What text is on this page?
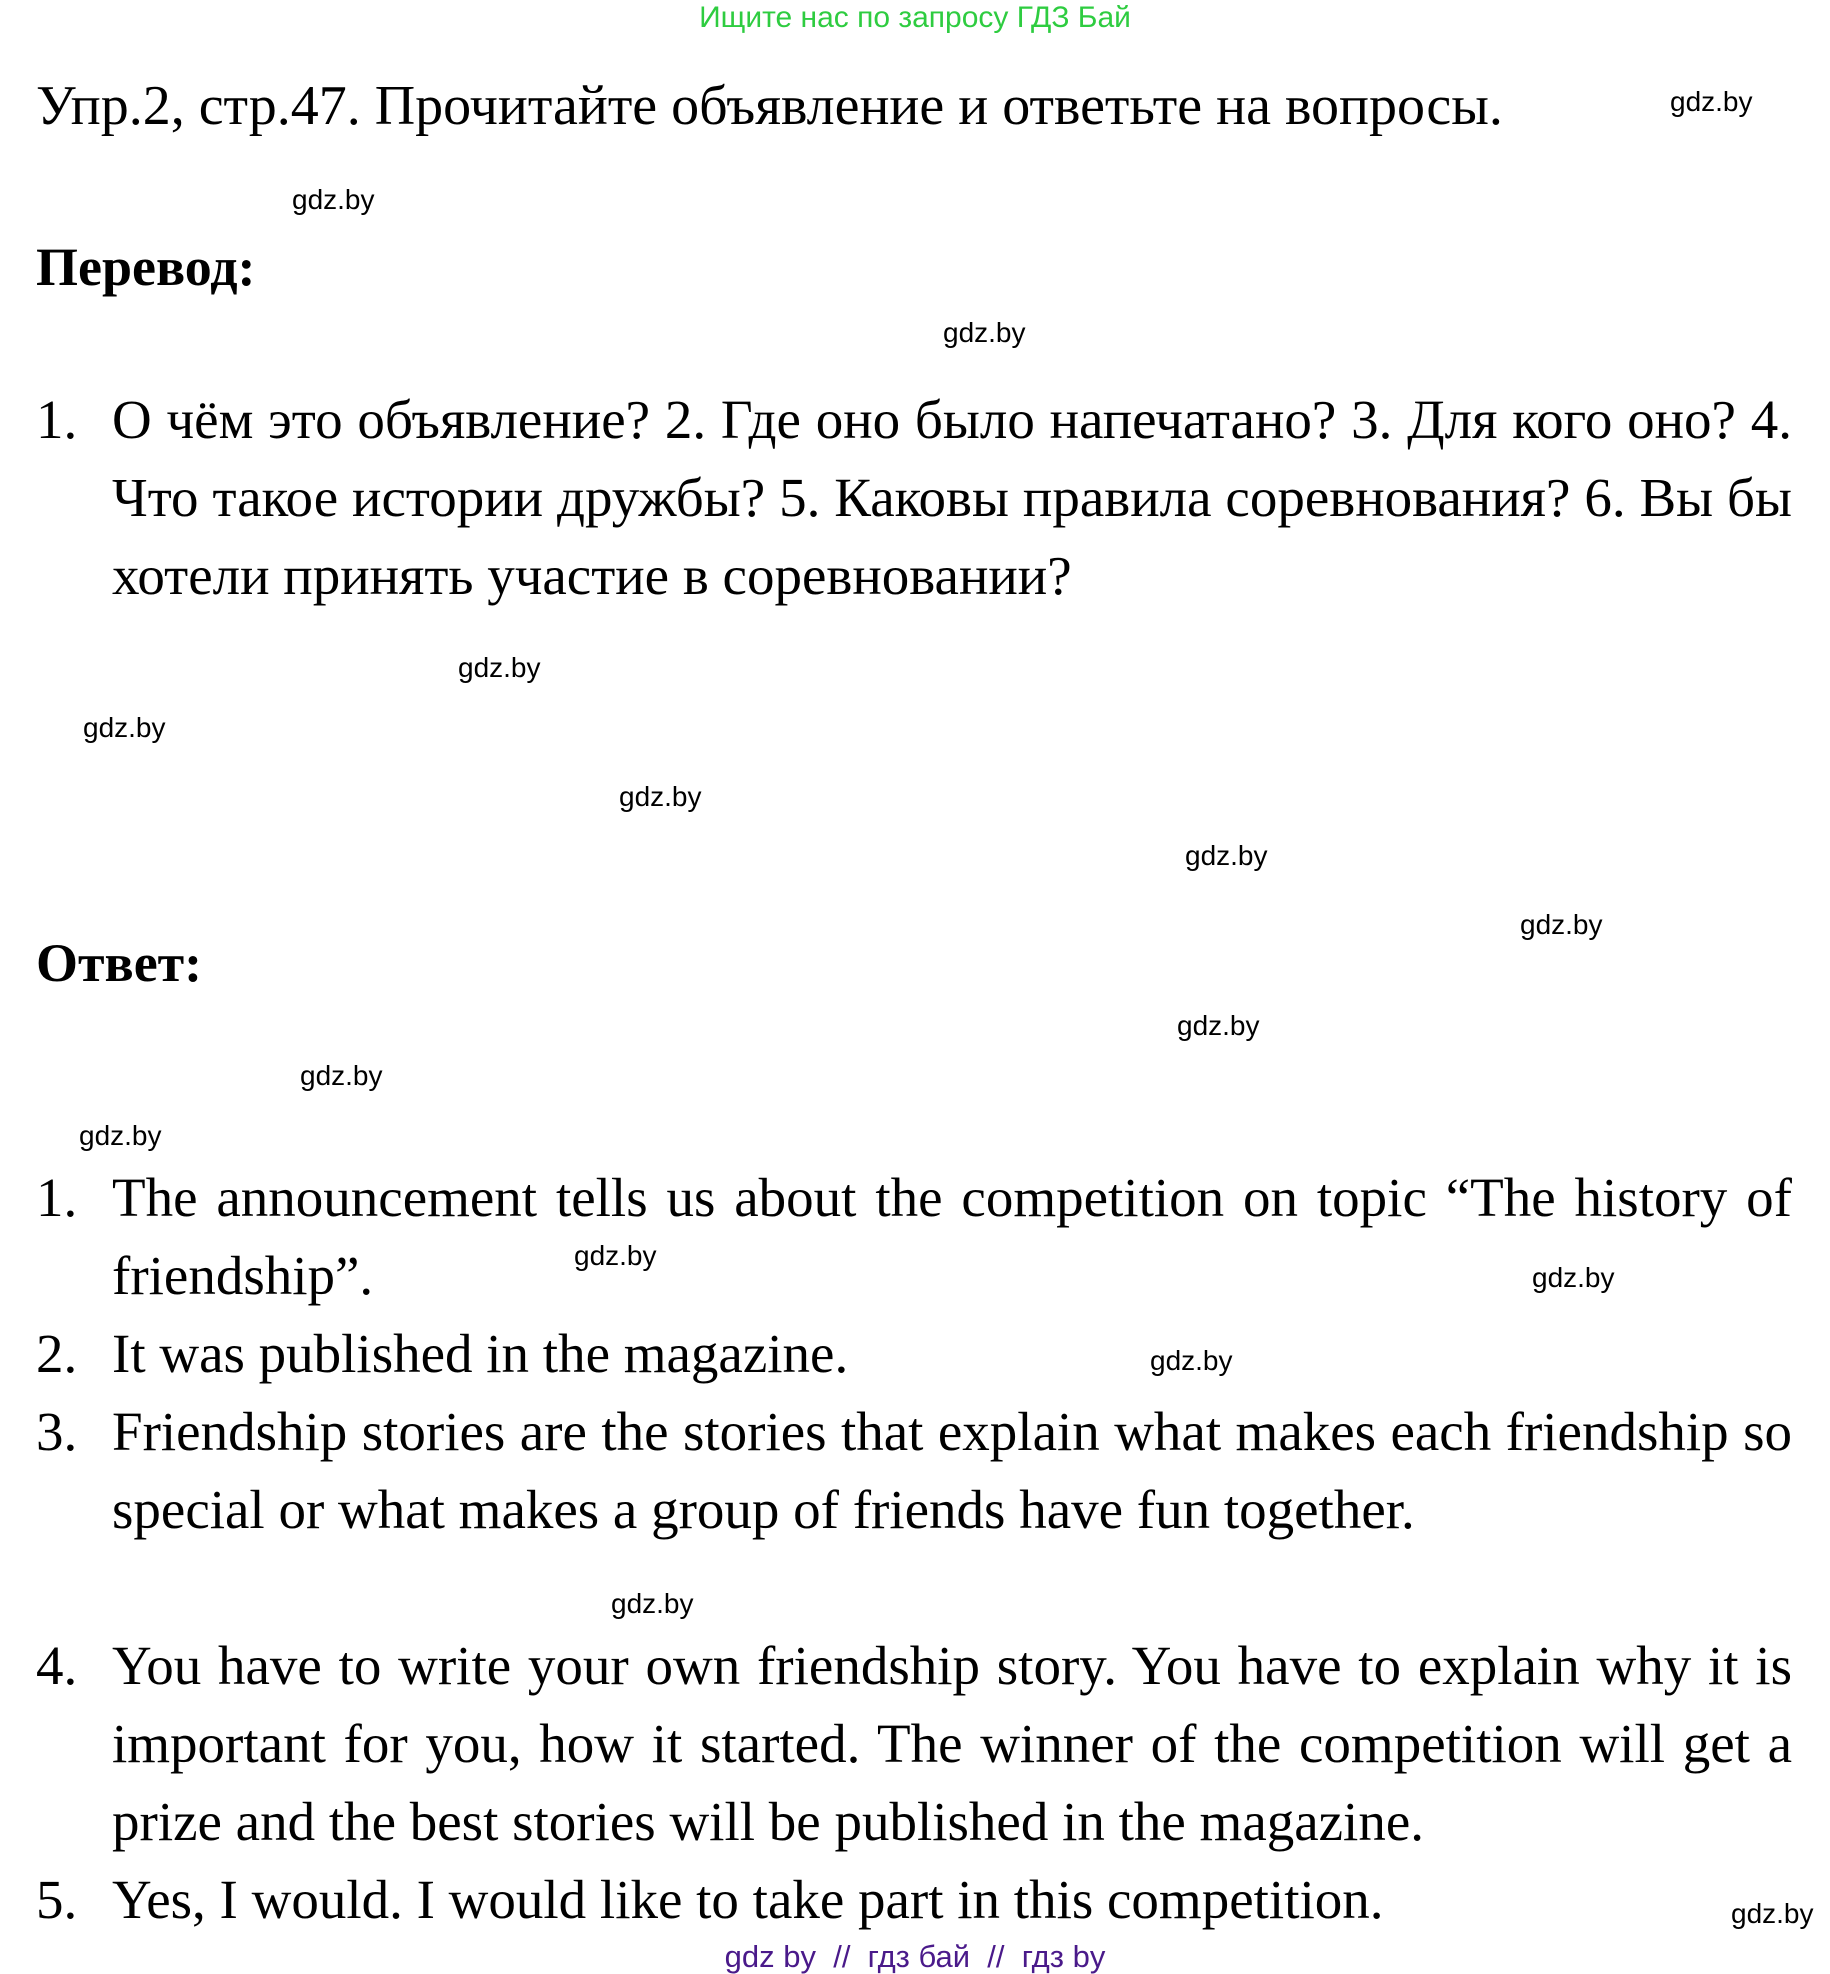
Ищите нас по запросу ГДЗ Бай
Упр.2, стр.47. Прочитайте объявление и ответьте на вопросы.
Перевод:
1. О чём это объявление? 2. Где оно было напечатано? 3. Для кого оно? 4. Что такое истории дружбы? 5. Каковы правила соревнования? 6. Вы бы хотели принять участие в соревновании?
Ответ:
1. The announcement tells us about the competition on topic “The history of friendship”.
2. It was published in the magazine.
3. Friendship stories are the stories that explain what makes each friendship so special or what makes a group of friends have fun together.
4. You have to write your own friendship story. You have to explain why it is important for you, how it started. The winner of the competition will get a prize and the best stories will be published in the magazine.
5. Yes, I would. I would like to take part in this competition.
gdz.by
gdz.by
gdz.by
gdz.by
gdz.by
gdz.by
gdz.by
gdz.by
gdz.by
gdz.by
gdz.by
gdz.by
gdz.by
gdz.by
gdz.by
gdz.by
gdz by  //  гдз бай  //  гдз by
